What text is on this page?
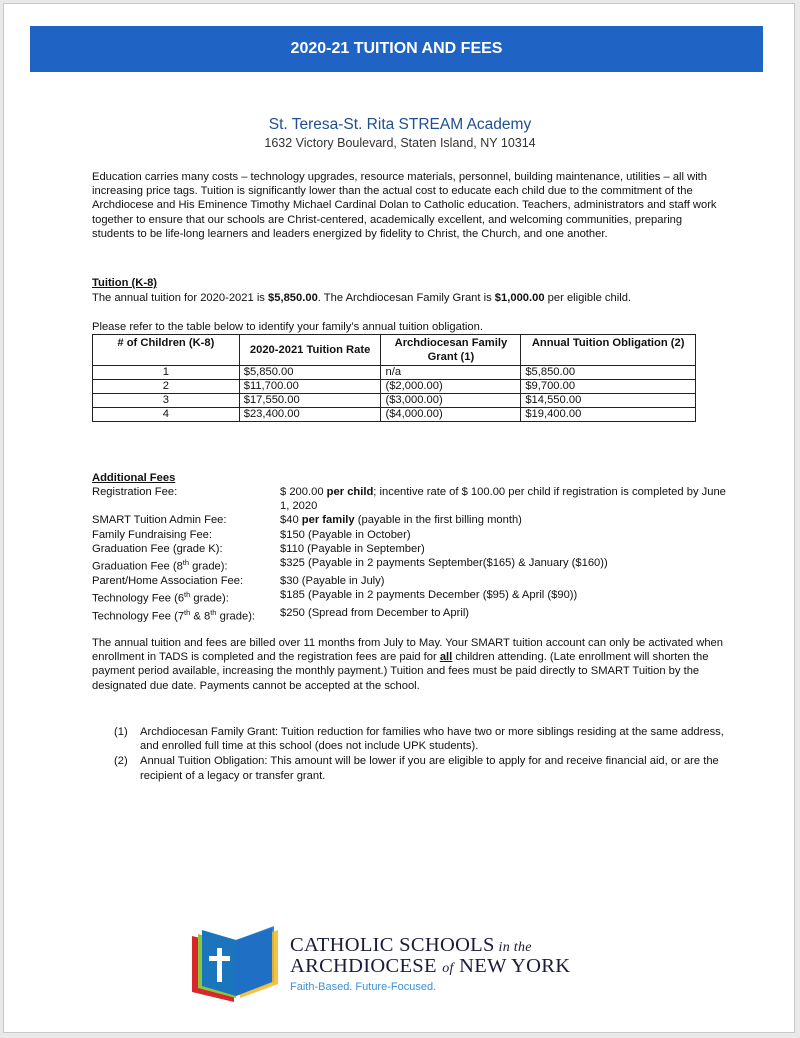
2020-21 TUITION AND FEES
St. Teresa-St. Rita STREAM Academy
1632 Victory Boulevard, Staten Island, NY 10314
Education carries many costs – technology upgrades, resource materials, personnel, building maintenance, utilities – all with increasing price tags. Tuition is significantly lower than the actual cost to educate each child due to the commitment of the Archdiocese and His Eminence Timothy Michael Cardinal Dolan to Catholic education. Teachers, administrators and staff work together to ensure that our schools are Christ-centered, academically excellent, and welcoming communities, preparing students to be life-long learners and leaders energized by fidelity to Christ, the Church, and one another.
Tuition (K-8)
The annual tuition for 2020-2021 is $5,850.00. The Archdiocesan Family Grant is $1,000.00 per eligible child.
Please refer to the table below to identify your family’s annual tuition obligation.
# of Children (K-8)	2020-2021 Tuition Rate	Archdiocesan Family Grant (1)	Annual Tuition Obligation (2)
1	$5,850.00	n/a	$5,850.00
2	$11,700.00	($2,000.00)	$9,700.00
3	$17,550.00	($3,000.00)	$14,550.00
4	$23,400.00	($4,000.00)	$19,400.00
Additional Fees
Registration Fee:	$ 200.00 per child; incentive rate of $ 100.00 per child if registration is completed by June 1, 2020
SMART Tuition Admin Fee:	$40 per family (payable in the first billing month)
Family Fundraising Fee:	$150 (Payable in October)
Graduation Fee (grade K):	$110 (Payable in September)
Graduation Fee (8th grade):	$325 (Payable in 2 payments September($165) & January ($160))
Parent/Home Association Fee:	$30 (Payable in July)
Technology Fee (6th grade):	$185 (Payable in 2 payments December ($95) & April ($90))
Technology Fee (7th & 8th grade):	$250 (Spread from December to April)
The annual tuition and fees are billed over 11 months from July to May. Your SMART tuition account can only be activated when enrollment in TADS is completed and the registration fees are paid for all children attending. (Late enrollment will shorten the payment period available, increasing the monthly payment.) Tuition and fees must be paid directly to SMART Tuition by the designated due date. Payments cannot be accepted at the school.
(1)	Archdiocesan Family Grant: Tuition reduction for families who have two or more siblings residing at the same address, and enrolled full time at this school (does not include UPK students).
(2)	Annual Tuition Obligation: This amount will be lower if you are eligible to apply for and receive financial aid, or are the recipient of a legacy or transfer grant.
CATHOLIC SCHOOLS in the
ARCHDIOCESE of NEW YORK
Faith-Based. Future-Focused.
